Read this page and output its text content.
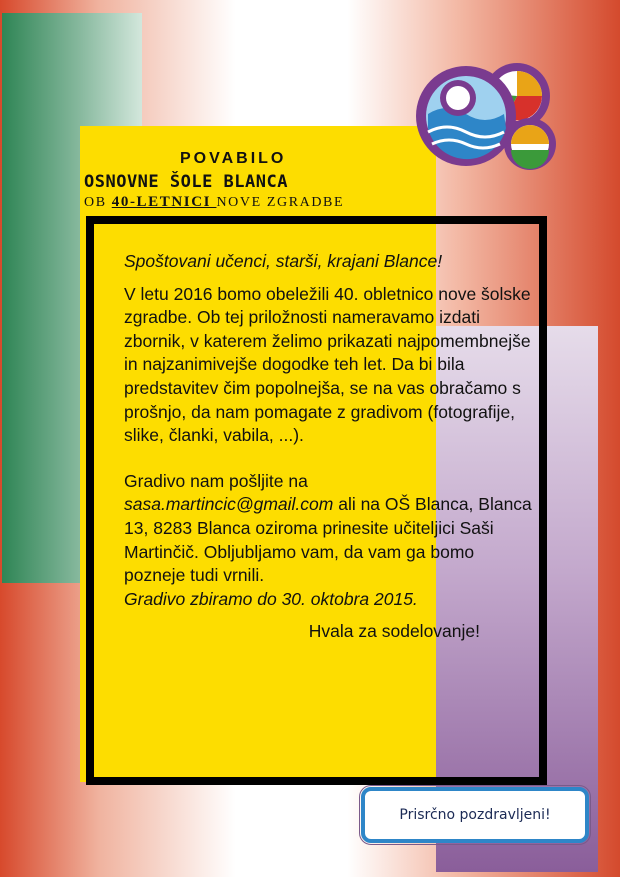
POVABILO
OSNOVNE ŠOLE BLANCA
OB 40-LETNICI NOVE ZGRADBE

Spoštovani učenci, starši, krajani Blance!

V letu 2016 bomo obeležili 40. obletnico nove šolske zgradbe. Ob tej priložnosti nameravamo izdati zbornik, v katerem želimo prikazati najpomembnejše in najzanimivejše dogodke teh let. Da bi bila predstavitev čim popolnejša, se na vas obračamo s prošnjo, da nam pomagate z gradivom (fotografije, slike, članki, vabila, ...).

Gradivo nam pošljite na
sasa.martincic@gmail.com ali na OŠ Blanca, Blanca 13, 8283 Blanca oziroma prinesite učiteljici Saši Martinčič. Obljubljamo vam, da vam ga bomo pozneje tudi vrnili.

Gradivo zbiramo do 30. oktobra 2015.

Hvala za sodelovanje!

Prisrčno pozdravljeni!
